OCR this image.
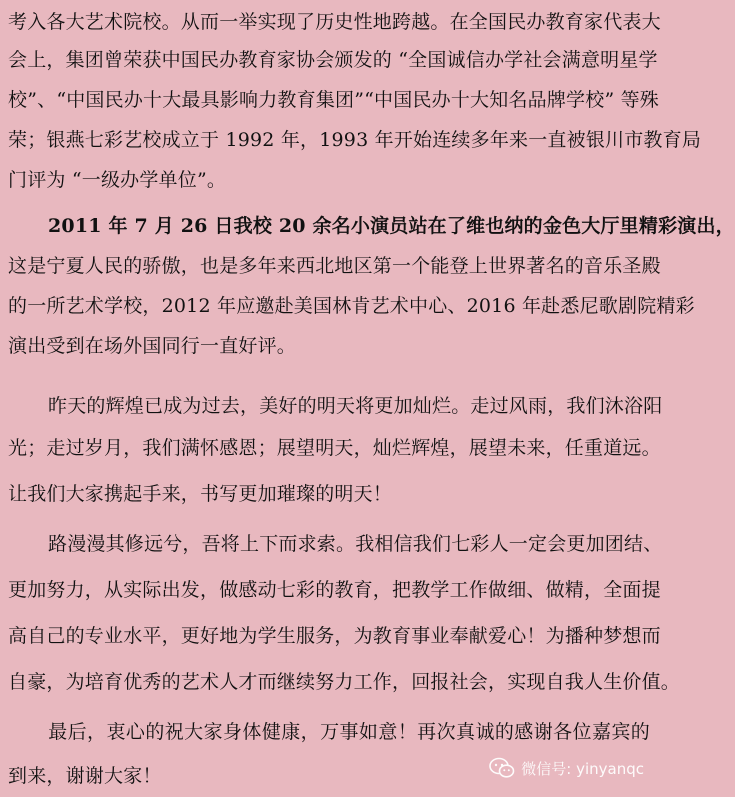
考入各大艺术院校。从而一举实现了历史性地跨越。在全国民办教育家代表大
会上，集团曾荣获中国民办教育家协会颁发的 “全国诚信办学社会满意明星学
校”、“中国民办十大最具影响力教育集团”“中国民办十大知名品牌学校” 等殊
荣；银燕七彩艺校成立于 1992 年，1993 年开始连续多年来一直被银川市教育局
门评为 “一级办学单位”。
2011 年 7 月 26 日我校 20 余名小演员站在了维也纳的金色大厅里精彩演出，
这是宁夏人民的骄傲，也是多年来西北地区第一个能登上世界著名的音乐圣殿
的一所艺术学校，2012 年应邀赴美国林肯艺术中心、2016 年赴悉尼歌剧院精彩
演出受到在场外国同行一直好评。
昨天的辉煌已成为过去，美好的明天将更加灿烂。走过风雨，我们沐浴阳
光；走过岁月，我们满怀感恩；展望明天，灿烂辉煌，展望未来，任重道远。
让我们大家携起手来，书写更加璀璨的明天！
路漫漫其修远兮，吾将上下而求索。我相信我们七彩人一定会更加团结、
更加努力，从实际出发，做感动七彩的教育，把教学工作做细、做精，全面提
高自己的专业水平，更好地为学生服务，为教育事业奉献爱心！为播种梦想而
自豪，为培育优秀的艺术人才而继续努力工作，回报社会，实现自我人生价值。
最后，衷心的祝大家身体健康，万事如意！再次真诚的感谢各位嘉宾的
到来，谢谢大家！	微信号: yinyanqc
